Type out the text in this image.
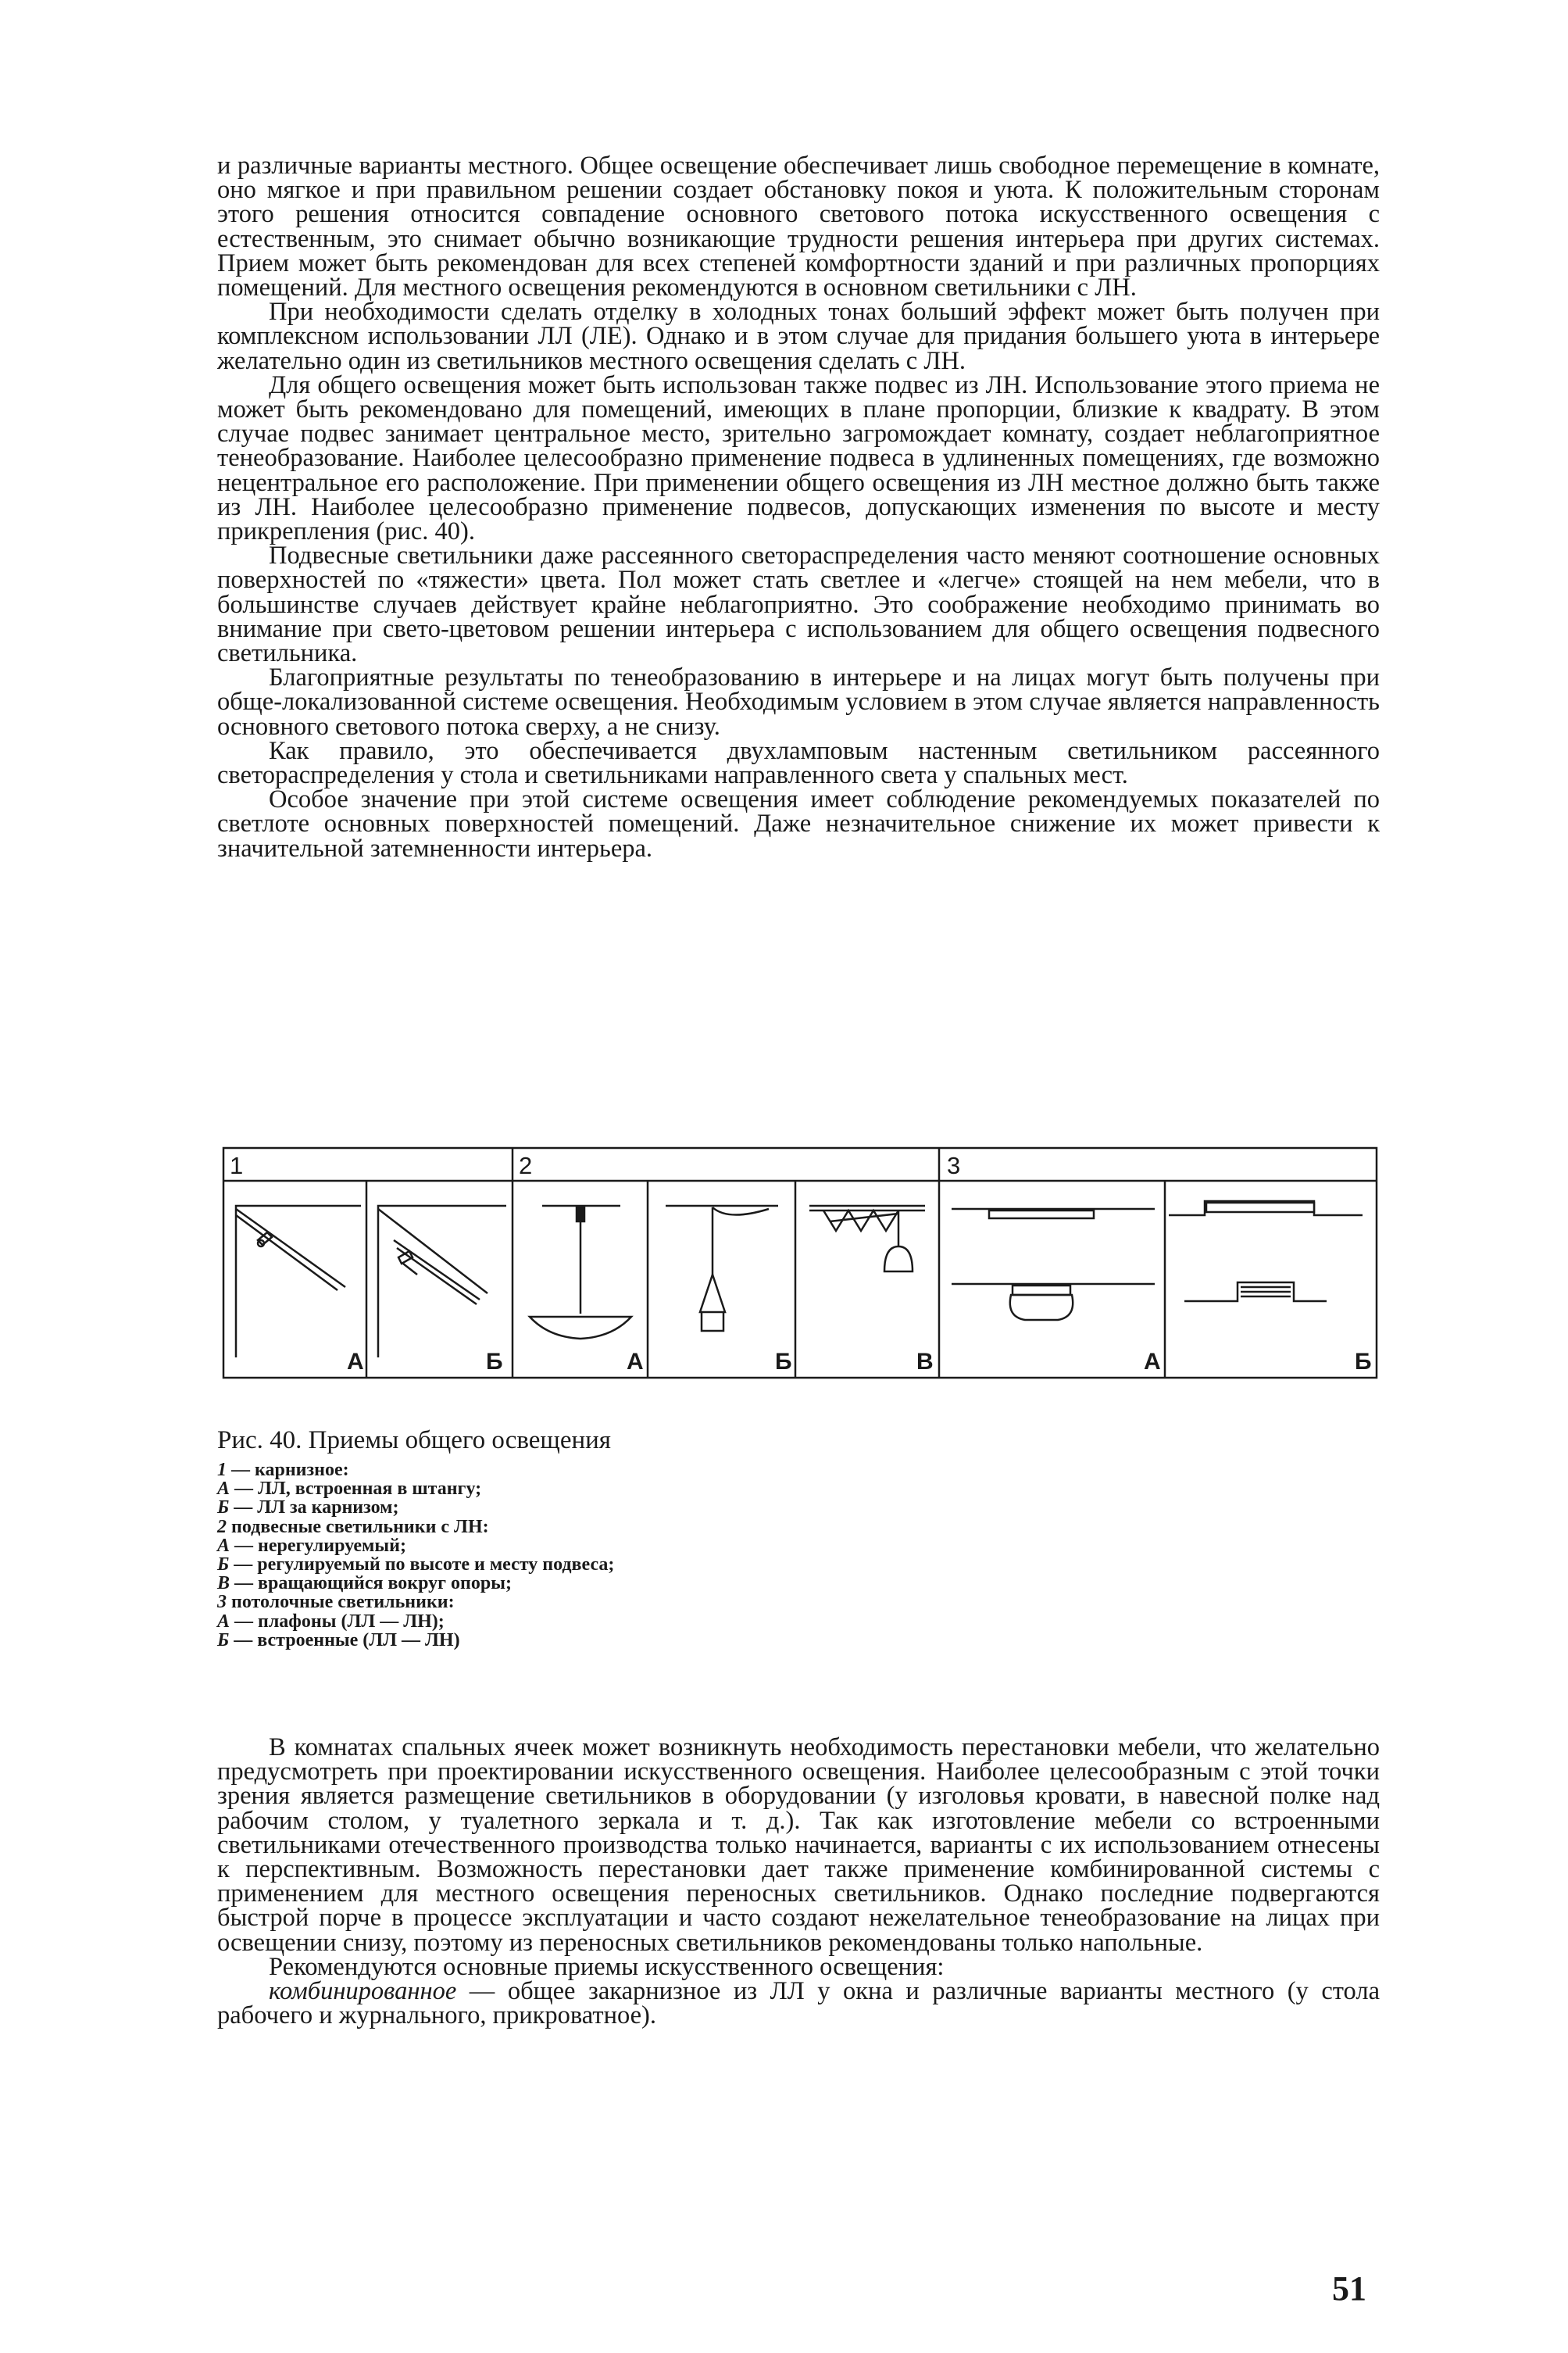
и различные варианты местного. Общее освещение обеспечивает лишь свободное перемещение в комнате, оно мягкое и при правильном решении создает обстановку покоя и уюта. К положительным сторонам этого решения относится совпадение основного светового потока искусственного освещения с естественным, это снимает обычно возникающие трудности решения интерьера при других системах. Прием может быть рекомендован для всех степеней комфортности зданий и при различных пропорциях помещений. Для местного освещения рекомендуются в основном светильники с ЛН.

При необходимости сделать отделку в холодных тонах больший эффект может быть получен при комплексном использовании ЛЛ (ЛЕ). Однако и в этом случае для придания большего уюта в интерьере желательно один из светильников местного освещения сделать с ЛН.

Для общего освещения может быть использован также подвес из ЛН. Использование этого приема не может быть рекомендовано для помещений, имеющих в плане пропорции, близкие к квадрату. В этом случае подвес занимает центральное место, зрительно загромождает комнату, создает неблагоприятное тенеобразование. Наиболее целесообразно применение подвеса в удлиненных помещениях, где возможно нецентральное его расположение. При применении общего освещения из ЛН местное должно быть также из ЛН. Наиболее целесообразно применение подвесов, допускающих изменения по высоте и месту прикрепления (рис. 40).

Подвесные светильники даже рассеянного светораспределения часто меняют соотношение основных поверхностей по «тяжести» цвета. Пол может стать светлее и «легче» стоящей на нем мебели, что в большинстве случаев действует крайне неблагоприятно. Это соображение необходимо принимать во внимание при свето-цветовом решении интерьера с использованием для общего освещения подвесного светильника.

Благоприятные результаты по тенеобразованию в интерьере и на лицах могут быть получены при обще-локализованной системе освещения. Необходимым условием в этом случае является направленность основного светового потока сверху, а не снизу.

Как правило, это обеспечивается двухламповым настенным светильником рассеянного светораспределения у стола и светильниками направленного света у спальных мест.

Особое значение при этой системе освещения имеет соблюдение рекомендуемых показателей по светлоте основных поверхностей помещений. Даже незначительное снижение их может привести к значительной затемненности интерьера.

1	2	3
А	Б	А	Б	В	А	Б

Рис. 40. Приемы общего освещения

1 — карнизное:
А — ЛЛ, встроенная в штангу;
Б — ЛЛ за карнизом;
2 подвесные светильники с ЛН:
А — нерегулируемый;
Б — регулируемый по высоте и месту подвеса;
В — вращающийся вокруг опоры;
3 потолочные светильники:
А — плафоны (ЛЛ — ЛН);
Б — встроенные (ЛЛ — ЛН)

В комнатах спальных ячеек может возникнуть необходимость перестановки мебели, что желательно предусмотреть при проектировании искусственного освещения. Наиболее целесообразным с этой точки зрения является размещение светильников в оборудовании (у изголовья кровати, в навесной полке над рабочим столом, у туалетного зеркала и т. д.). Так как изготовление мебели со встроенными светильниками отечественного производства только начинается, варианты с их использованием отнесены к перспективным. Возможность перестановки дает также применение комбинированной системы с применением для местного освещения переносных светильников. Однако последние подвергаются быстрой порче в процессе эксплуатации и часто создают нежелательное тенеобразование на лицах при освещении снизу, поэтому из переносных светильников рекомендованы только напольные.

Рекомендуются основные приемы искусственного освещения:

комбинированное — общее закарнизное из ЛЛ у окна и различные варианты местного (у стола рабочего и журнального, прикроватное).

51
